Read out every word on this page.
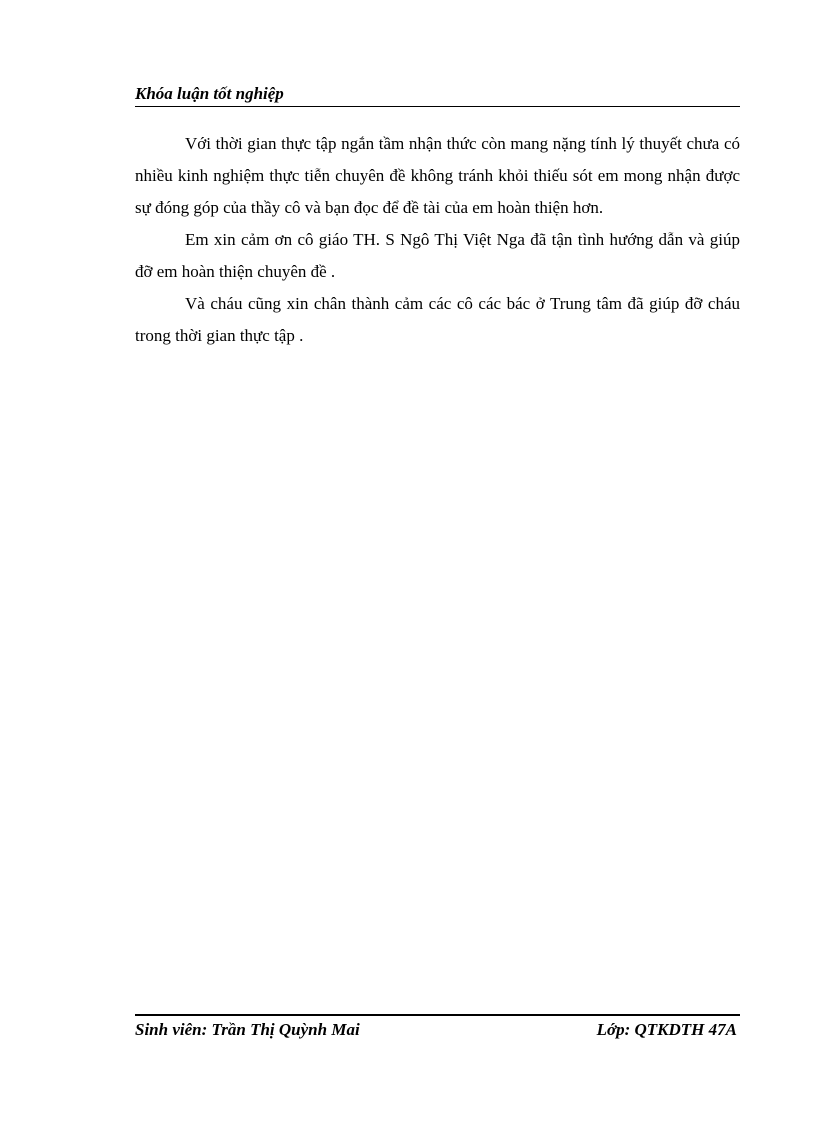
Khóa luận tốt nghiệp

Với thời gian thực tập ngắn tầm nhận thức còn mang nặng tính lý thuyết chưa có nhiều kinh nghiệm thực tiễn chuyên đề không tránh khỏi thiếu sót em mong nhận được sự đóng góp của thầy cô và bạn đọc để đề tài của em hoàn thiện hơn.

Em xin cảm ơn cô giáo TH. S Ngô Thị Việt Nga đã tận tình hướng dẫn và giúp đỡ em hoàn thiện chuyên đề .

Và cháu cũng xin chân thành cảm các cô các bác ở Trung tâm đã giúp đỡ cháu trong thời gian thực tập .

Sinh viên: Trần Thị Quỳnh Mai	Lớp: QTKDTH 47A
